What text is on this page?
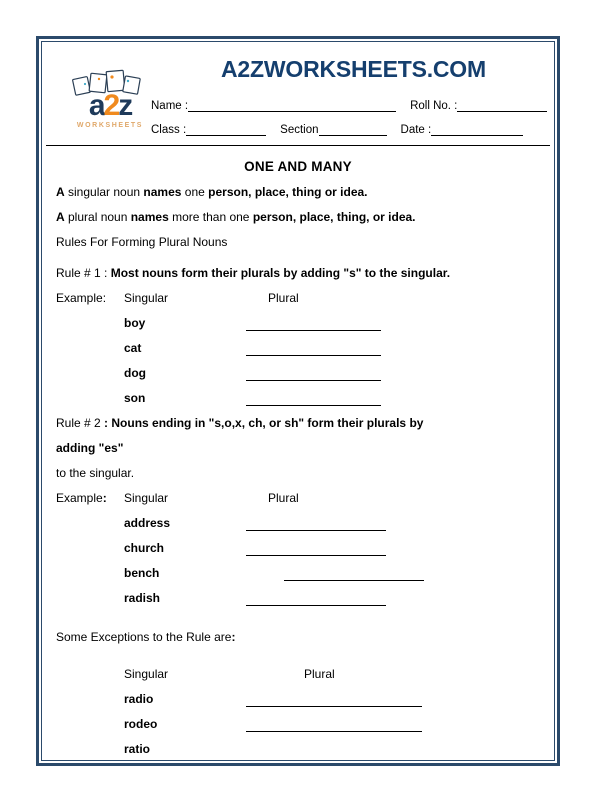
a2z
WORKSHEETS
A2ZWORKSHEETS.COM
Name :	Roll No. :
Class :	Section	Date :
ONE AND MANY

A singular noun names one person, place, thing or idea.

A plural noun names more than one person, place, thing, or idea.

Rules For Forming Plural Nouns

Rule # 1 : Most nouns form their plurals by adding "s" to the singular.

Example: Singular	Plural
boy
cat
dog
son

Rule # 2 : Nouns ending in "s,o,x, ch, or sh" form their plurals by

adding "es"

to the singular.

Example: Singular	Plural
address
church
bench
radish

Some Exceptions to the Rule are:

Singular	Plural
radio
rodeo
ratio
